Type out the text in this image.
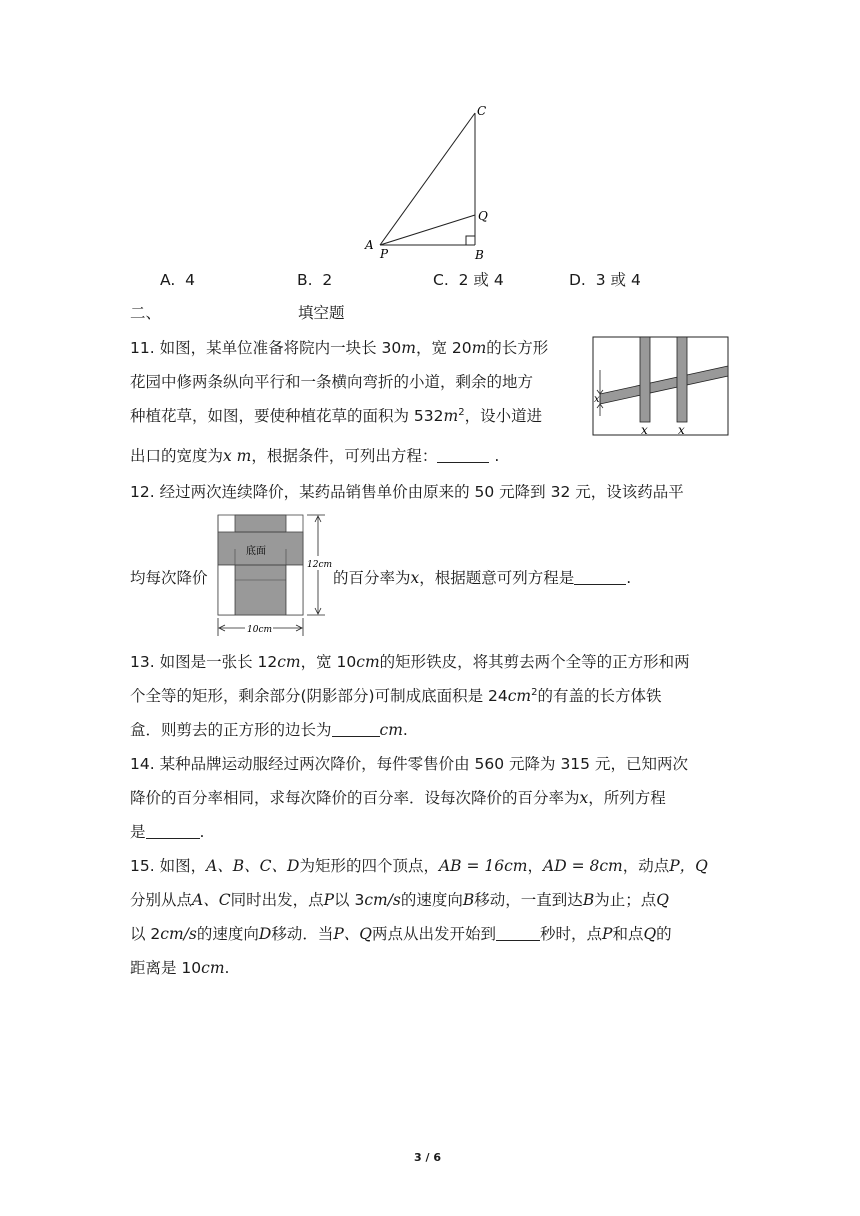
C
Q
A
P	B
A. 4	B. 2	C. 2 或 4	D. 3 或 4
二、	填空题
11. 如图，某单位准备将院内一块长 30m，宽 20m的长方形
花园中修两条纵向平行和一条横向弯折的小道，剩余的地方
种植花草，如图，要使种植花草的面积为 $532m^2$，设小道进
出口的宽度为x m，根据条件，可列出方程：	.
x
x	x
12. 经过两次连续降价，某药品销售单价由原来的 50 元降到 32 元，设该药品平
均每次降价	的百分率为x，根据题意可列方程是	.
底面
12cm
10cm
13. 如图是一张长 12cm，宽 10cm的矩形铁皮，将其剪去两个全等的正方形和两
个全等的矩形，剩余部分(阴影部分)可制成底面积是 $24cm^2$的有盖的长方体铁
盒．则剪去的正方形的边长为	cm.
14. 某种品牌运动服经过两次降价，每件零售价由 560 元降为 315 元，已知两次
降价的百分率相同，求每次降价的百分率．设每次降价的百分率为x，所列方程
是	.
15. 如图，A、B、C、D为矩形的四个顶点，AB = 16cm，AD = 8cm，动点P，Q
分别从点A、C同时出发，点P以 3cm/s的速度向B移动，一直到达B为止；点Q
以 2cm/s的速度向D移动．当P、Q两点从出发开始到	秒时，点P和点Q的
距离是 10cm.
3 / 6
